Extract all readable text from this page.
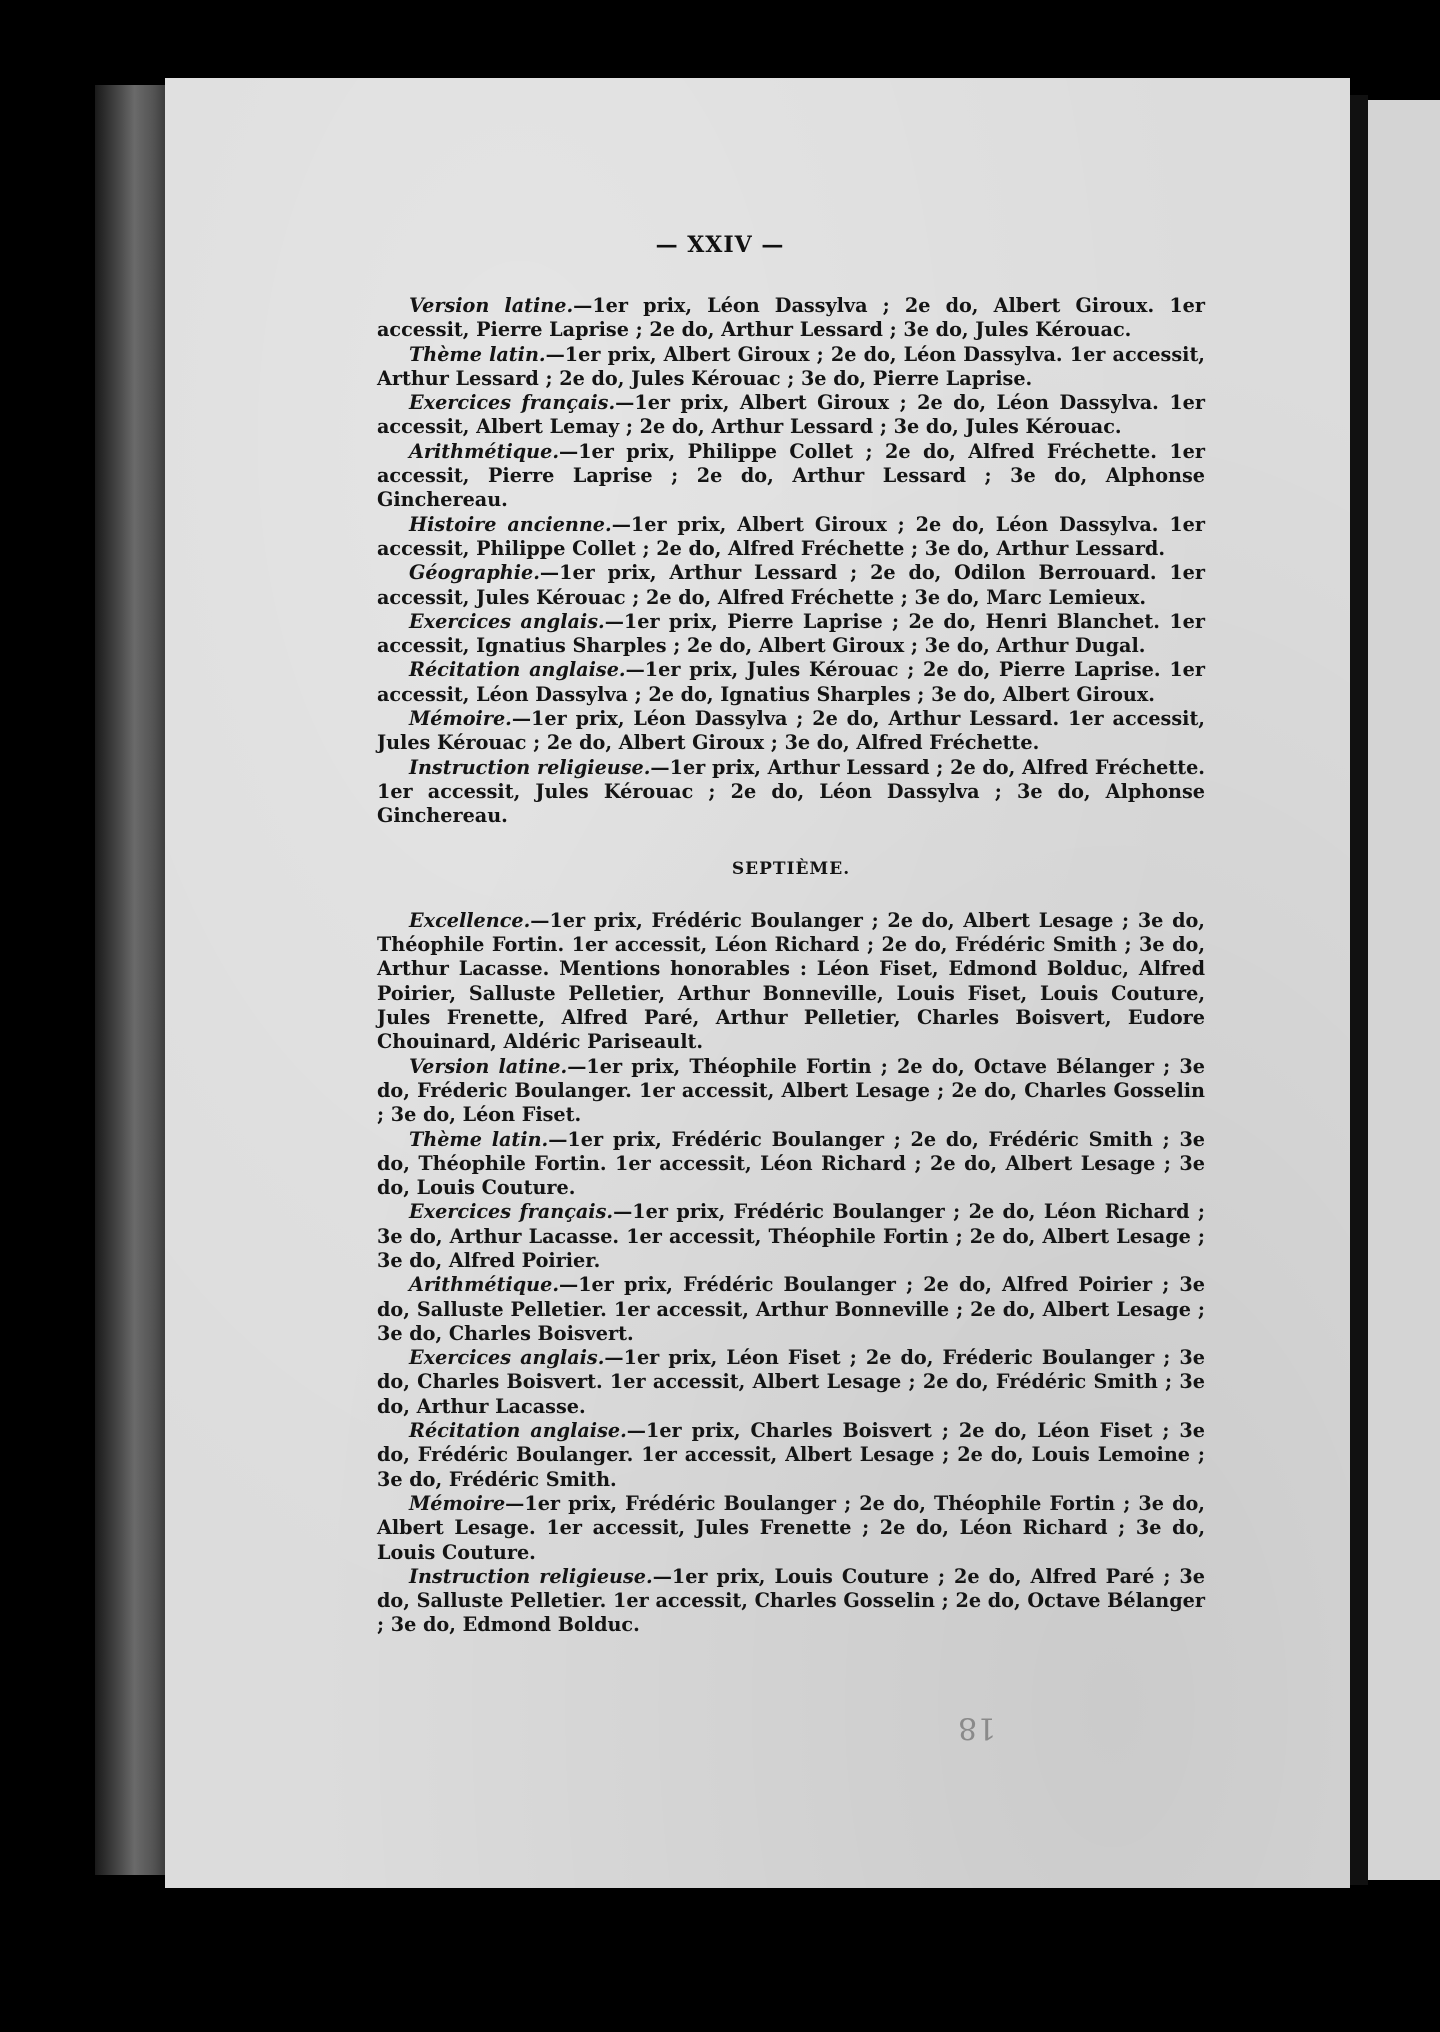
— XXIV —

Version latine.—1er prix, Léon Dassylva ; 2e do, Albert Giroux. 1er accessit, Pierre Laprise ; 2e do, Arthur Lessard ; 3e do, Jules Kérouac.

Thème latin.—1er prix, Albert Giroux ; 2e do, Léon Dassylva. 1er accessit, Arthur Lessard ; 2e do, Jules Kérouac ; 3e do, Pierre Laprise.

Exercices français.—1er prix, Albert Giroux ; 2e do, Léon Dassylva. 1er accessit, Albert Lemay ; 2e do, Arthur Lessard ; 3e do, Jules Kérouac.

Arithmétique.—1er prix, Philippe Collet ; 2e do, Alfred Fréchette. 1er accessit, Pierre Laprise ; 2e do, Arthur Lessard ; 3e do, Alphonse Ginchereau.

Histoire ancienne.—1er prix, Albert Giroux ; 2e do, Léon Dassylva. 1er accessit, Philippe Collet ; 2e do, Alfred Fréchette ; 3e do, Arthur Lessard.

Géographie.—1er prix, Arthur Lessard ; 2e do, Odilon Berrouard. 1er accessit, Jules Kérouac ; 2e do, Alfred Fréchette ; 3e do, Marc Lemieux.

Exercices anglais.—1er prix, Pierre Laprise ; 2e do, Henri Blanchet. 1er accessit, Ignatius Sharples ; 2e do, Albert Giroux ; 3e do, Arthur Dugal.

Récitation anglaise.—1er prix, Jules Kérouac ; 2e do, Pierre Laprise. 1er accessit, Léon Dassylva ; 2e do, Ignatius Sharples ; 3e do, Albert Giroux.

Mémoire.—1er prix, Léon Dassylva ; 2e do, Arthur Lessard. 1er accessit, Jules Kérouac ; 2e do, Albert Giroux ; 3e do, Alfred Fréchette.

Instruction religieuse.—1er prix, Arthur Lessard ; 2e do, Alfred Fréchette. 1er accessit, Jules Kérouac ; 2e do, Léon Dassylva ; 3e do, Alphonse Ginchereau.

SEPTIÈME.

Excellence.—1er prix, Frédéric Boulanger ; 2e do, Albert Lesage ; 3e do, Théophile Fortin. 1er accessit, Léon Richard ; 2e do, Frédéric Smith ; 3e do, Arthur Lacasse. Mentions honorables : Léon Fiset, Edmond Bolduc, Alfred Poirier, Salluste Pelletier, Arthur Bonneville, Louis Fiset, Louis Couture, Jules Frenette, Alfred Paré, Arthur Pelletier, Charles Boisvert, Eudore Chouinard, Aldéric Pariseault.

Version latine.—1er prix, Théophile Fortin ; 2e do, Octave Bélanger ; 3e do, Fréderic Boulanger. 1er accessit, Albert Lesage ; 2e do, Charles Gosselin ; 3e do, Léon Fiset.

Thème latin.—1er prix, Frédéric Boulanger ; 2e do, Frédéric Smith ; 3e do, Théophile Fortin. 1er accessit, Léon Richard ; 2e do, Albert Lesage ; 3e do, Louis Couture.

Exercices français.—1er prix, Frédéric Boulanger ; 2e do, Léon Richard ; 3e do, Arthur Lacasse. 1er accessit, Théophile Fortin ; 2e do, Albert Lesage ; 3e do, Alfred Poirier.

Arithmétique.—1er prix, Frédéric Boulanger ; 2e do, Alfred Poirier ; 3e do, Salluste Pelletier. 1er accessit, Arthur Bonneville ; 2e do, Albert Lesage ; 3e do, Charles Boisvert.

Exercices anglais.—1er prix, Léon Fiset ; 2e do, Fréderic Boulanger ; 3e do, Charles Boisvert. 1er accessit, Albert Lesage ; 2e do, Frédéric Smith ; 3e do, Arthur Lacasse.

Récitation anglaise.—1er prix, Charles Boisvert ; 2e do, Léon Fiset ; 3e do, Frédéric Boulanger. 1er accessit, Albert Lesage ; 2e do, Louis Lemoine ; 3e do, Frédéric Smith.

Mémoire—1er prix, Frédéric Boulanger ; 2e do, Théophile Fortin ; 3e do, Albert Lesage. 1er accessit, Jules Frenette ; 2e do, Léon Richard ; 3e do, Louis Couture.

Instruction religieuse.—1er prix, Louis Couture ; 2e do, Alfred Paré ; 3e do, Salluste Pelletier. 1er accessit, Charles Gosselin ; 2e do, Octave Bélanger ; 3e do, Edmond Bolduc.

18
